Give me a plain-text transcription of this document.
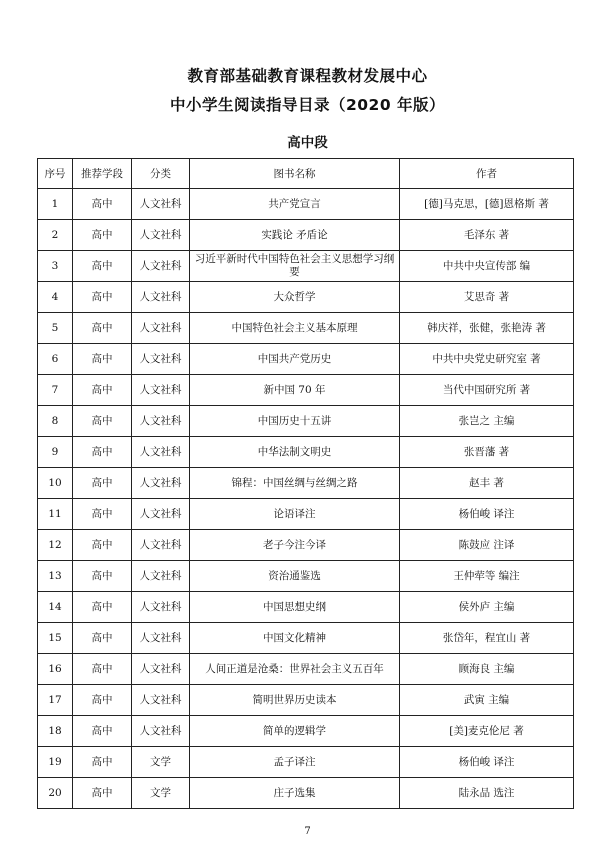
教育部基础教育课程教材发展中心
中小学生阅读指导目录（2020 年版）
高中段
序号	推荐学段	分类	图书名称	作者
1	高中	人文社科	共产党宣言	[德]马克思，[德]恩格斯 著
2	高中	人文社科	实践论 矛盾论	毛泽东 著
3	高中	人文社科	习近平新时代中国特色社会主义思想学习纲要	中共中央宣传部 编
4	高中	人文社科	大众哲学	艾思奇 著
5	高中	人文社科	中国特色社会主义基本原理	韩庆祥，张健，张艳涛 著
6	高中	人文社科	中国共产党历史	中共中央党史研究室 著
7	高中	人文社科	新中国 70 年	当代中国研究所 著
8	高中	人文社科	中国历史十五讲	张岂之 主编
9	高中	人文社科	中华法制文明史	张晋藩 著
10	高中	人文社科	锦程：中国丝绸与丝绸之路	赵丰 著
11	高中	人文社科	论语译注	杨伯峻 译注
12	高中	人文社科	老子今注今译	陈鼓应 注译
13	高中	人文社科	资治通鉴选	王仲荦等 编注
14	高中	人文社科	中国思想史纲	侯外庐 主编
15	高中	人文社科	中国文化精神	张岱年，程宜山 著
16	高中	人文社科	人间正道是沧桑：世界社会主义五百年	顾海良 主编
17	高中	人文社科	简明世界历史读本	武寅 主编
18	高中	人文社科	简单的逻辑学	[美]麦克伦尼 著
19	高中	文学	孟子译注	杨伯峻 译注
20	高中	文学	庄子选集	陆永品 选注
7
